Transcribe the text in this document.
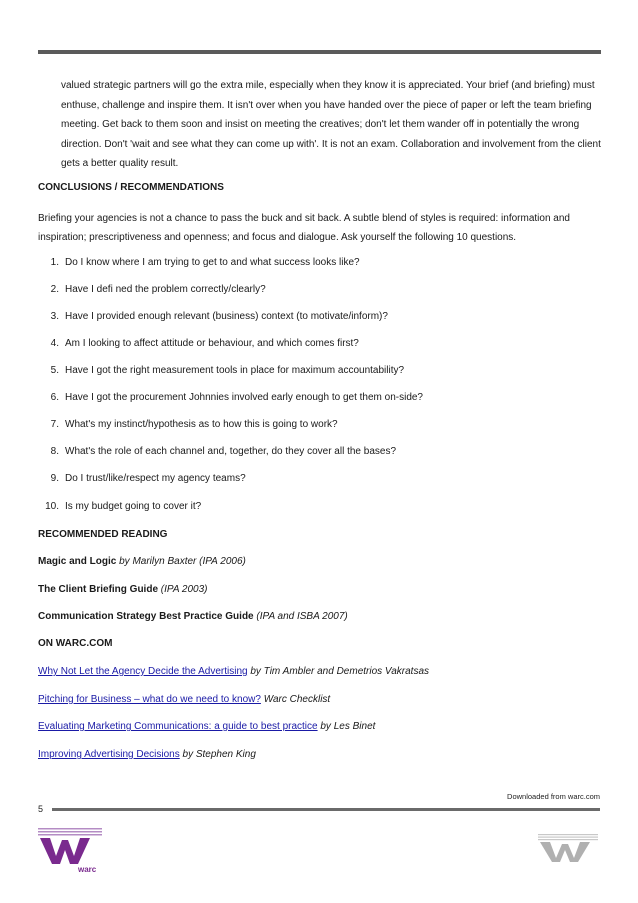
valued strategic partners will go the extra mile, especially when they know it is appreciated. Your brief (and briefing) must
enthuse, challenge and inspire them. It isn't over when you have handed over the piece of paper or left the team briefing
meeting. Get back to them soon and insist on meeting the creatives; don't let them wander off in potentially the wrong
direction. Don't 'wait and see what they can come up with'. It is not an exam. Collaboration and involvement from the client
gets a better quality result.
CONCLUSIONS / RECOMMENDATIONS
Briefing your agencies is not a chance to pass the buck and sit back. A subtle blend of styles is required: information and
inspiration; prescriptiveness and openness; and focus and dialogue. Ask yourself the following 10 questions.
1. Do I know where I am trying to get to and what success looks like?
2. Have I defi ned the problem correctly/clearly?
3. Have I provided enough relevant (business) context (to motivate/inform)?
4. Am I looking to affect attitude or behaviour, and which comes first?
5. Have I got the right measurement tools in place for maximum accountability?
6. Have I got the procurement Johnnies involved early enough to get them on-side?
7. What's my instinct/hypothesis as to how this is going to work?
8. What's the role of each channel and, together, do they cover all the bases?
9. Do I trust/like/respect my agency teams?
10. Is my budget going to cover it?
RECOMMENDED READING
Magic and Logic by Marilyn Baxter (IPA 2006)
The Client Briefing Guide (IPA 2003)
Communication Strategy Best Practice Guide (IPA and ISBA 2007)
ON WARC.COM
Why Not Let the Agency Decide the Advertising by Tim Ambler and Demetrios Vakratsas
Pitching for Business – what do we need to know? Warc Checklist
Evaluating Marketing Communications: a guide to best practice by Les Binet
Improving Advertising Decisions by Stephen King
Downloaded from warc.com
5
warc
